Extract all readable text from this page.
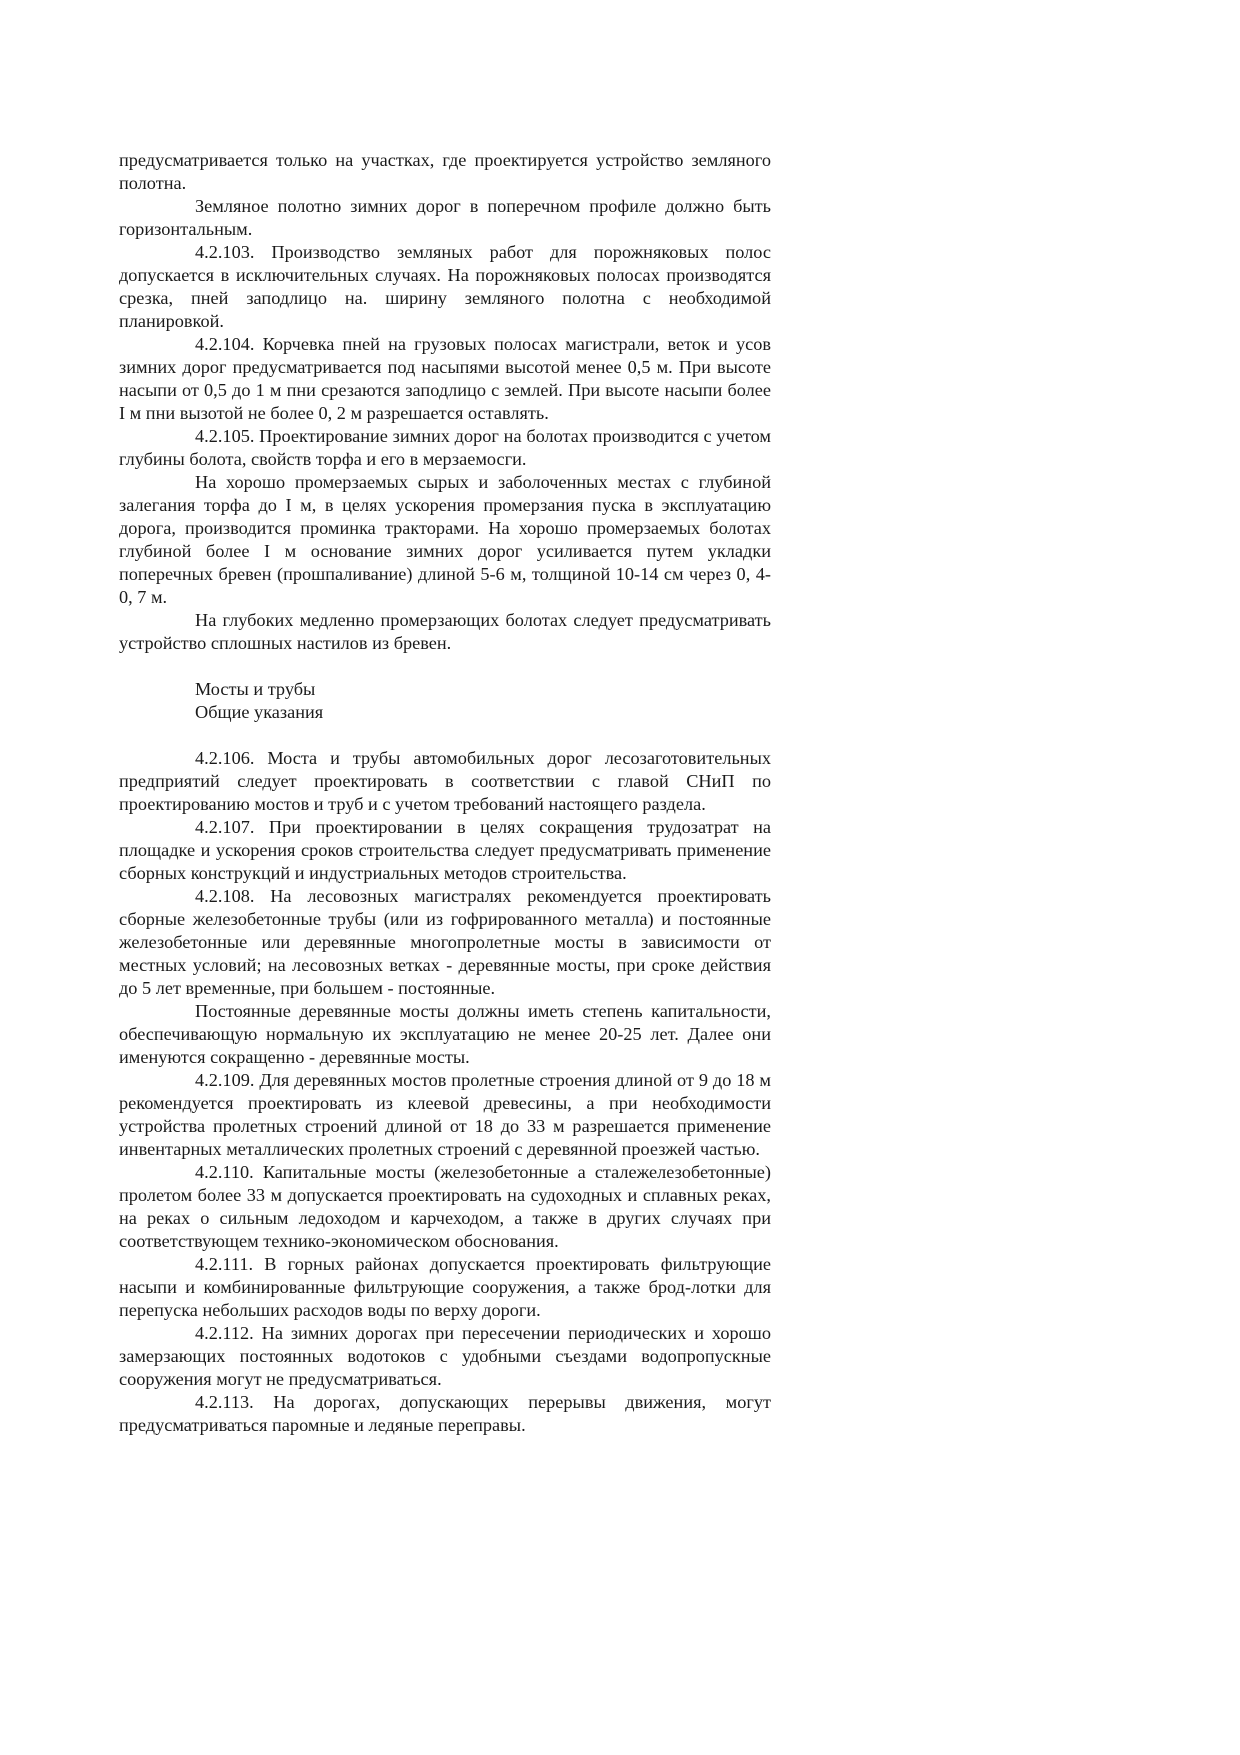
предусматривается только на участках, где проектируется устройство земляного полотна.

Земляное полотно зимних дорог в поперечном профиле должно быть горизонтальным.

4.2.103. Производство земляных работ для порожняковых полос допускается в исключительных случаях. На порожняковых полосах производятся срезка, пней заподлицо на. ширину земляного полотна с необходимой планировкой.

4.2.104. Корчевка пней на грузовых полосах магистрали, веток и усов зимних дорог предусматривается под насыпями высотой менее 0,5 м. При высоте насыпи от 0,5 до 1 м пни срезаются заподлицо с землей. При высоте насыпи более I м пни вызотой не более 0, 2 м разрешается оставлять.

4.2.105. Проектирование зимних дорог на болотах производится с учетом глубины болота, свойств торфа и его в мерзаемосги.

На хорошо промерзаемых сырых и заболоченных местах с глубиной залегания торфа до I м, в целях ускорения промерзания пуска в эксплуатацию дорога, производится проминка тракторами. На хорошо промерзаемых болотах глубиной более I м основание зимних дорог усиливается путем укладки поперечных бревен (прошпаливание) длиной 5-6 м, толщиной 10-14 см через 0, 4-0, 7 м.

На глубоких медленно промерзающих болотах следует предусматривать устройство сплошных настилов из бревен.

Мосты и трубы

Общие указания

4.2.106. Моста и трубы автомобильных дорог лесозаготовительных предприятий следует проектировать в соответствии с главой СНиП по проектированию мостов и труб и с учетом требований настоящего раздела.

4.2.107. При проектировании в целях сокращения трудозатрат на площадке и ускорения сроков строительства следует предусматривать применение сборных конструкций и индустриальных методов строительства.

4.2.108. На лесовозных магистралях рекомендуется проектировать сборные железобетонные трубы (или из гофрированного металла) и постоянные железобетонные или деревянные многопролетные мосты в зависимости от местных условий; на лесовозных ветках - деревянные мосты, при сроке действия до 5 лет временные, при большем - постоянные.

Постоянные деревянные мосты должны иметь степень капитальности, обеспечивающую нормальную их эксплуатацию не менее 20-25 лет. Далее они именуются сокращенно - деревянные мосты.

4.2.109. Для деревянных мостов пролетные строения длиной от 9 до 18 м рекомендуется проектировать из клеевой древесины, а при необходимости устройства пролетных строений длиной от 18 до 33 м разрешается применение инвентарных металлических пролетных строений с деревянной проезжей частью.

4.2.110. Капитальные мосты (железобетонные а сталежелезобетонные) пролетом более 33 м допускается проектировать на судоходных и сплавных реках, на реках о сильным ледоходом и карчеходом, а также в других случаях при соответствующем технико-экономическом обоснования.

4.2.111. В горных районах допускается проектировать фильтрующие насыпи и комбинированные фильтрующие сооружения, а также брод-лотки для перепуска небольших расходов воды по верху дороги.

4.2.112. На зимних дорогах при пересечении периодических и хорошо замерзающих постоянных водотоков с удобными съездами водопропускные сооружения могут не предусматриваться.

4.2.113. На дорогах, допускающих перерывы движения, могут предусматриваться паромные и ледяные переправы.
